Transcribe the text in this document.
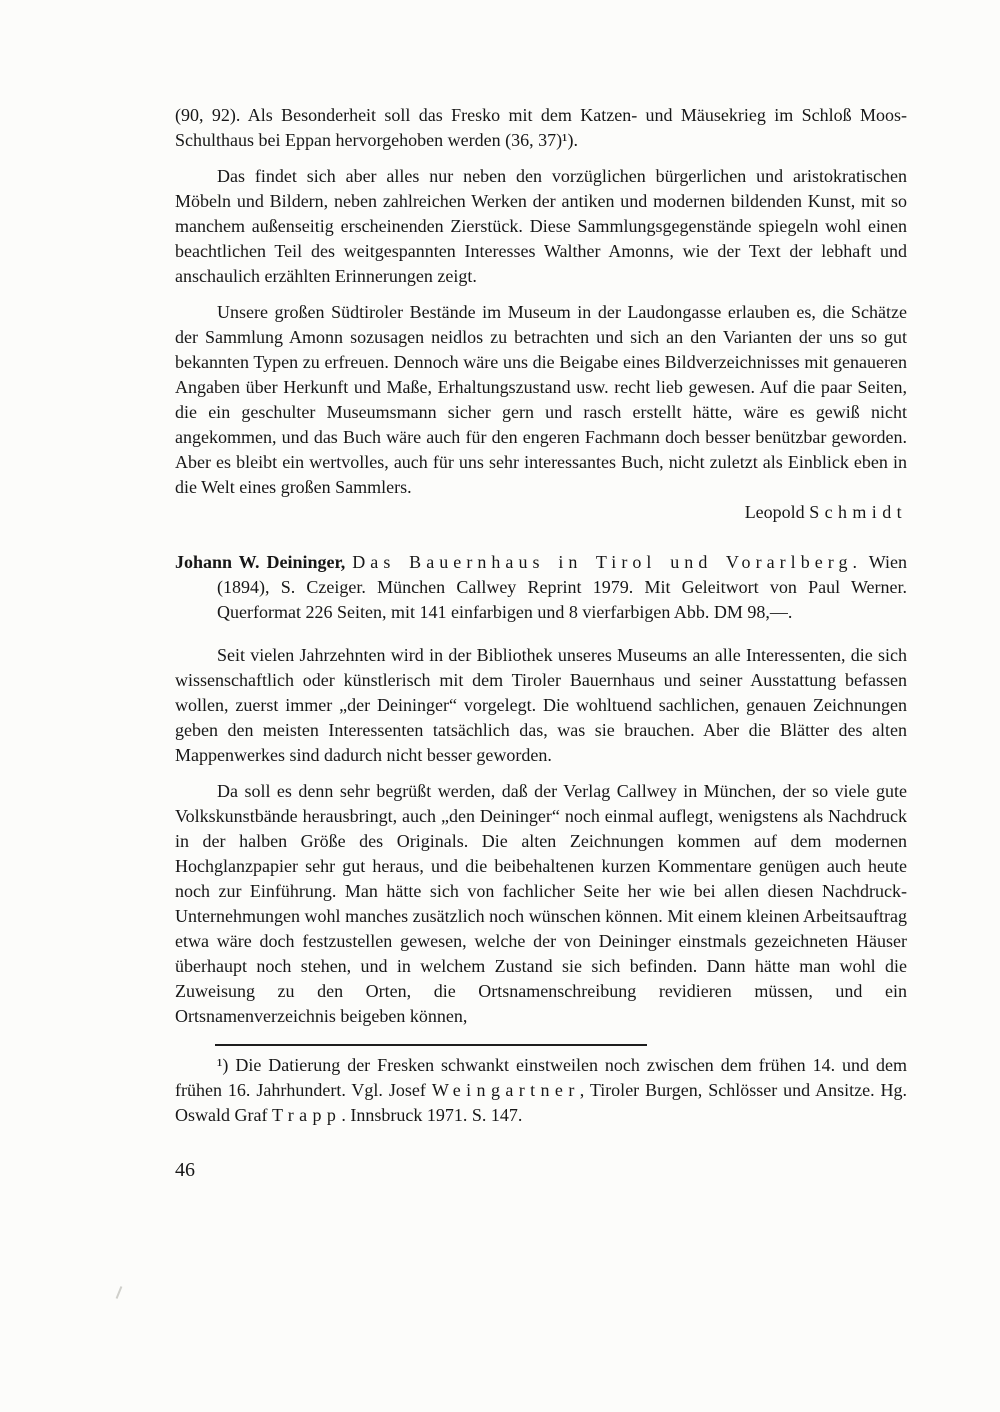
(90, 92). Als Besonderheit soll das Fresko mit dem Katzen- und Mäusekrieg im Schloß Moos-Schulthaus bei Eppan hervorgehoben werden (36, 37)¹).

Das findet sich aber alles nur neben den vorzüglichen bürgerlichen und aristokratischen Möbeln und Bildern, neben zahlreichen Werken der antiken und modernen bildenden Kunst, mit so manchem außenseitig erscheinenden Zierstück. Diese Sammlungsgegenstände spiegeln wohl einen beachtlichen Teil des weitgespannten Interesses Walther Amonns, wie der Text der lebhaft und anschaulich erzählten Erinnerungen zeigt.

Unsere großen Südtiroler Bestände im Museum in der Laudongasse erlauben es, die Schätze der Sammlung Amonn sozusagen neidlos zu betrachten und sich an den Varianten der uns so gut bekannten Typen zu erfreuen. Dennoch wäre uns die Beigabe eines Bildverzeichnisses mit genaueren Angaben über Herkunft und Maße, Erhaltungszustand usw. recht lieb gewesen. Auf die paar Seiten, die ein geschulter Museumsmann sicher gern und rasch erstellt hätte, wäre es gewiß nicht angekommen, und das Buch wäre auch für den engeren Fachmann doch besser benützbar geworden. Aber es bleibt ein wertvolles, auch für uns sehr interessantes Buch, nicht zuletzt als Einblick eben in die Welt eines großen Sammlers.

Leopold Schmidt

Johann W. Deininger, Das Bauernhaus in Tirol und Vorarlberg. Wien (1894), S. Czeiger. München Callwey Reprint 1979. Mit Geleitwort von Paul Werner. Querformat 226 Seiten, mit 141 einfarbigen und 8 vierfarbigen Abb. DM 98,—.

Seit vielen Jahrzehnten wird in der Bibliothek unseres Museums an alle Interessenten, die sich wissenschaftlich oder künstlerisch mit dem Tiroler Bauernhaus und seiner Ausstattung befassen wollen, zuerst immer „der Deininger“ vorgelegt. Die wohltuend sachlichen, genauen Zeichnungen geben den meisten Interessenten tatsächlich das, was sie brauchen. Aber die Blätter des alten Mappenwerkes sind dadurch nicht besser geworden.

Da soll es denn sehr begrüßt werden, daß der Verlag Callwey in München, der so viele gute Volkskunstbände herausbringt, auch „den Deininger“ noch einmal auflegt, wenigstens als Nachdruck in der halben Größe des Originals. Die alten Zeichnungen kommen auf dem modernen Hochglanzpapier sehr gut heraus, und die beibehaltenen kurzen Kommentare genügen auch heute noch zur Einführung. Man hätte sich von fachlicher Seite her wie bei allen diesen Nachdruck-Unternehmungen wohl manches zusätzlich noch wünschen können. Mit einem kleinen Arbeitsauftrag etwa wäre doch festzustellen gewesen, welche der von Deininger einstmals gezeichneten Häuser überhaupt noch stehen, und in welchem Zustand sie sich befinden. Dann hätte man wohl die Zuweisung zu den Orten, die Ortsnamenschreibung revidieren müssen, und ein Ortsnamenverzeichnis beigeben können,

¹) Die Datierung der Fresken schwankt einstweilen noch zwischen dem frühen 14. und dem frühen 16. Jahrhundert. Vgl. Josef Weingartner, Tiroler Burgen, Schlösser und Ansitze. Hg. Oswald Graf Trapp. Innsbruck 1971. S. 147.

46
